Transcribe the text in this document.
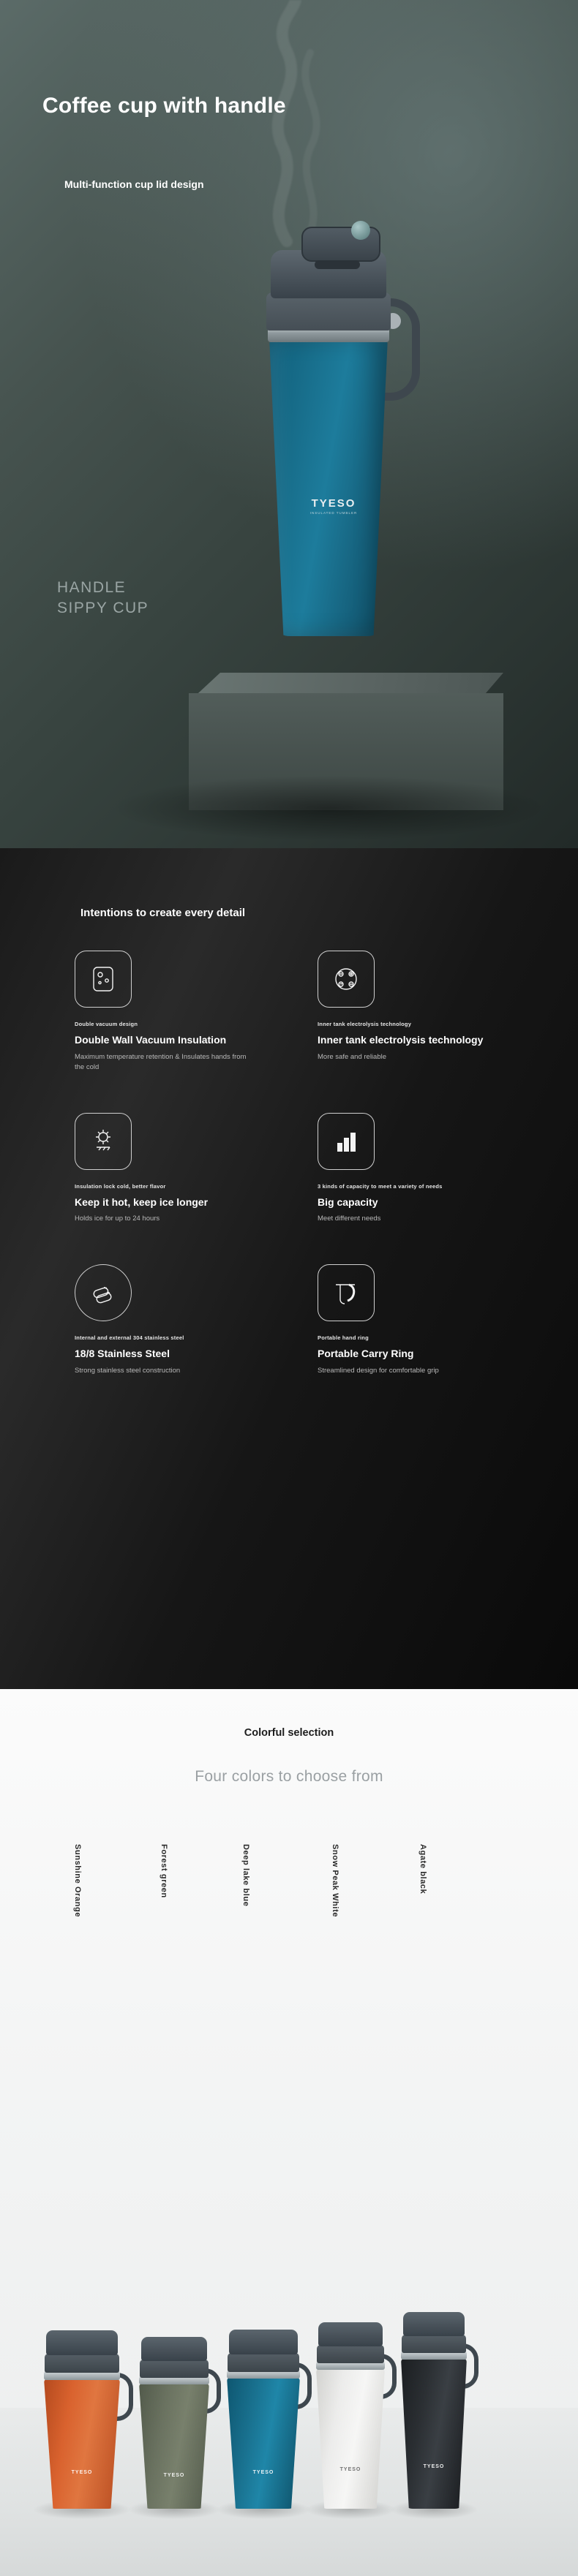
Coffee cup with handle
Multi-function cup lid design
HANDLE
SIPPY CUP
TYESO
INSULATED TUMBLER
Intentions to create every detail
Double vacuum design
Double Wall Vacuum Insulation
Maximum temperature retention & Insulates hands from the cold
Inner tank electrolysis technology
Inner tank electrolysis technology
More safe and reliable
Insulation lock cold, better flavor
Keep it hot, keep ice longer
Holds ice for up to 24 hours
3 kinds of capacity to meet a variety of needs
Big capacity
Meet different needs
Internal and external 304 stainless steel
18/8 Stainless Steel
Strong stainless steel construction
Portable hand ring
Portable Carry Ring
Streamlined design for comfortable grip
Colorful selection
Four colors to choose from
Sunshine Orange	Forest green	Deep lake blue	Snow Peak White	Agate black
TYESO
TYESO
TYESO
TYESO
TYESO
